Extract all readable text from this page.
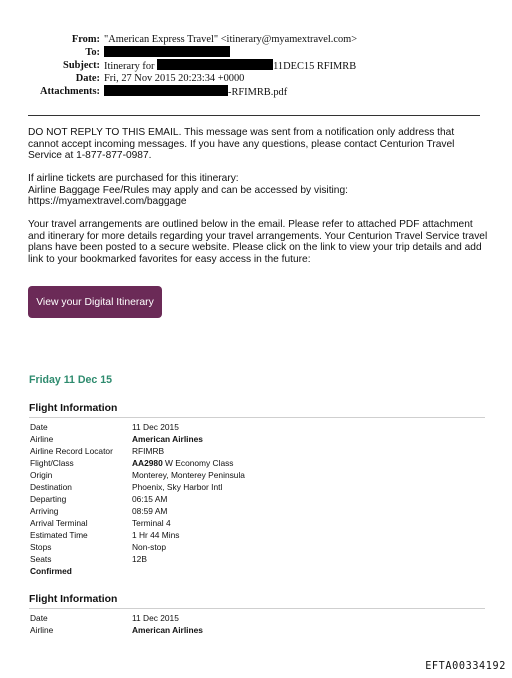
From: "American Express Travel" <itinerary@myamextravel.com>
To:
Subject: Itinerary for	11DEC15 RFIMRB
Date: Fri, 27 Nov 2015 20:23:34 +0000
Attachments:	-RFIMRB.pdf
DO NOT REPLY TO THIS EMAIL. This message was sent from a notification only address that
cannot accept incoming messages. If you have any questions, please contact Centurion Travel
Service at 1-877-877-0987.
If airline tickets are purchased for this itinerary:
Airline Baggage Fee/Rules may apply and can be accessed by visiting:
https://myamextravel.com/baggage
Your travel arrangements are outlined below in the email. Please refer to attached PDF attachment
and itinerary for more details regarding your travel arrangements. Your Centurion Travel Service travel
plans have been posted to a secure website. Please click on the link to view your trip details and add
link to your bookmarked favorites for easy access in the future:
View your Digital Itinerary
Friday 11 Dec 15
Flight Information
Date	11 Dec 2015
Airline	American Airlines
Airline Record Locator RFIMRB
Flight/Class	AA2980 W Economy Class
Origin	Monterey, Monterey Peninsula
Destination	Phoenix, Sky Harbor Intl
Departing	06:15 AM
Arriving	08:59 AM
Arrival Terminal	Terminal 4
Estimated Time	1 Hr 44 Mins
Stops	Non-stop
Seats	12B
Confirmed
Flight Information
Date	11 Dec 2015
Airline	American Airlines
EFTA00334192
